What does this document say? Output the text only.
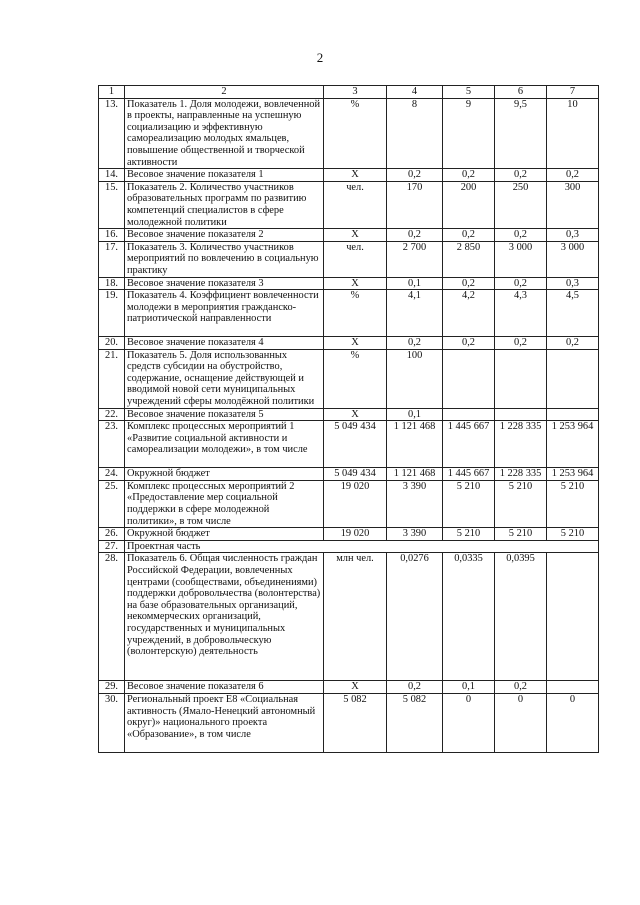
2
1	2	3	4	5	6	7
13.	Показатель 1. Доля молодежи, вовлеченной в проекты, направленные на успешную социализацию и эффективную самореализацию молодых ямальцев, повышение общественной и творческой активности	%	8	9	9,5	10
14.	Весовое значение показателя 1	Х	0,2	0,2	0,2	0,2
15.	Показатель 2. Количество участников образовательных программ по развитию компетенций специалистов в сфере молодежной политики	чел.	170	200	250	300
16.	Весовое значение показателя 2	Х	0,2	0,2	0,2	0,3
17.	Показатель 3. Количество участников мероприятий по вовлечению в социальную практику	чел.	2 700	2 850	3 000	3 000
18.	Весовое значение показателя 3	Х	0,1	0,2	0,2	0,3
19.	Показатель 4. Коэффициент вовлеченности молодежи в мероприятия гражданско-патриотической направленности	%	4,1	4,2	4,3	4,5
20.	Весовое значение показателя 4	Х	0,2	0,2	0,2	0,2
21.	Показатель 5. Доля использованных средств субсидии на обустройство, содержание, оснащение действующей и вводимой новой сети муниципальных учреждений сферы молодёжной политики	%	100			
22.	Весовое значение показателя 5	Х	0,1			
23.	Комплекс процессных мероприятий 1 «Развитие социальной активности и самореализации молодежи», в том числе	5 049 434	1 121 468	1 445 667	1 228 335	1 253 964
24.	Окружной бюджет	5 049 434	1 121 468	1 445 667	1 228 335	1 253 964
25.	Комплекс процессных мероприятий 2 «Предоставление мер социальной поддержки в сфере молодежной политики», в том числе	19 020	3 390	5 210	5 210	5 210
26.	Окружной бюджет	19 020	3 390	5 210	5 210	5 210
27.	Проектная часть					
28.	Показатель 6. Общая численность граждан Российской Федерации, вовлеченных центрами (сообществами, объединениями) поддержки добровольчества (волонтерства) на базе образовательных организаций, некоммерческих организаций, государственных и муниципальных учреждений, в добровольческую (волонтерскую) деятельность	млн чел.	0,0276	0,0335	0,0395	
29.	Весовое значение показателя 6	Х	0,2	0,1	0,2	
30.	Региональный проект Е8 «Социальная активность (Ямало-Ненецкий автономный округ)» национального проекта «Образование», в том числе	5 082	5 082	0	0	0
